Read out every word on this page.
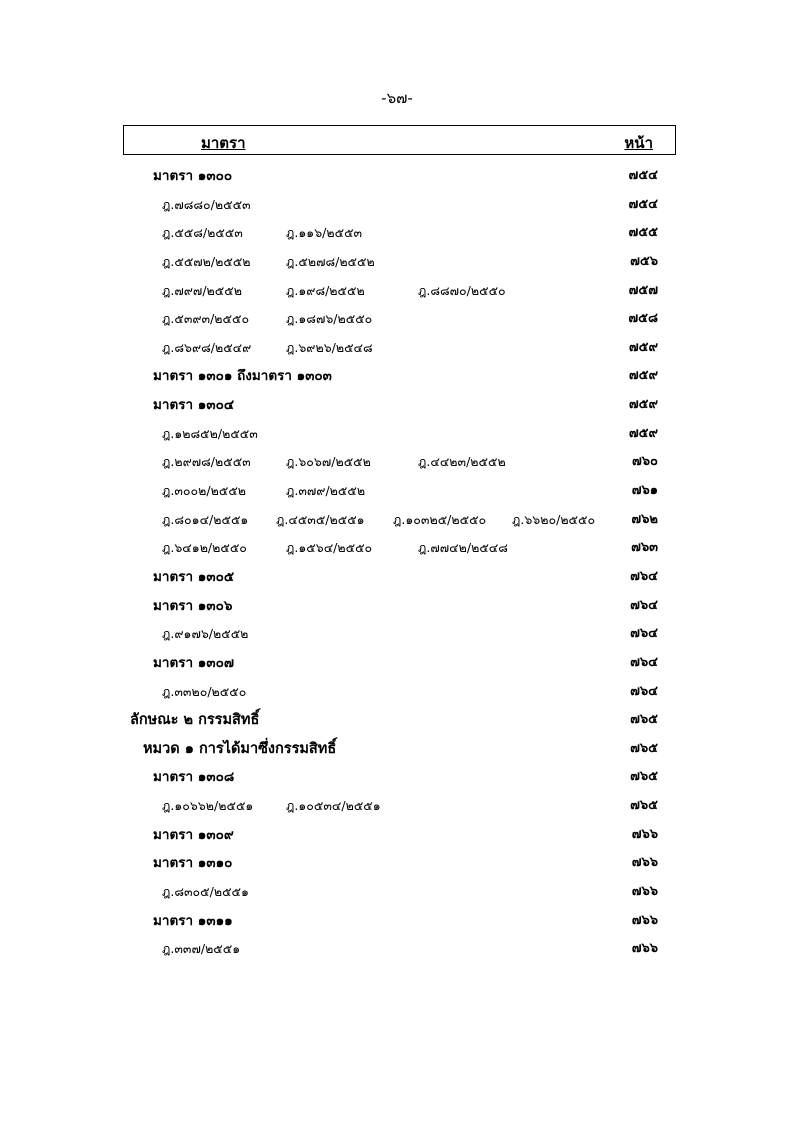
-๖๗-
มาตรา	หน้า
มาตรา ๑๓๐๐	๗๕๔
ฎ.๗๘๘๐/๒๕๕๓	๗๕๔
ฎ.๕๕๘/๒๕๕๓	ฎ.๑๑๖/๒๕๕๓	๗๕๕
ฎ.๕๕๗๒/๒๕๕๒	ฎ.๕๒๗๘/๒๕๕๒	๗๕๖
ฎ.๗๙๗/๒๕๕๒	ฎ.๑๙๘/๒๕๕๒	ฎ.๘๘๗๐/๒๕๕๐	๗๕๗
ฎ.๕๓๙๓/๒๕๕๐	ฎ.๑๘๗๖/๒๕๕๐	๗๕๘
ฎ.๘๖๙๘/๒๕๔๙	ฎ.๖๙๒๖/๒๕๔๘	๗๕๙
มาตรา ๑๓๐๑ ถึงมาตรา ๑๓๐๓	๗๕๙
มาตรา ๑๓๐๔	๗๕๙
ฎ.๑๒๘๕๒/๒๕๕๓	๗๕๙
ฎ.๒๙๗๘/๒๕๕๓	ฎ.๖๐๖๗/๒๕๕๒	ฎ.๔๔๒๓/๒๕๕๒	๗๖๐
ฎ.๓๐๐๒/๒๕๕๒	ฎ.๓๗๙/๒๕๕๒	๗๖๑
ฎ.๘๐๑๔/๒๕๕๑ ฎ.๔๕๓๕/๒๕๕๑ ฎ.๑๐๓๒๕/๒๕๕๐ ฎ.๖๖๒๐/๒๕๕๐	๗๖๒
ฎ.๖๔๑๒/๒๕๕๐	ฎ.๑๕๖๔/๒๕๕๐	ฎ.๗๗๔๒/๒๕๔๘	๗๖๓
มาตรา ๑๓๐๕	๗๖๔
มาตรา ๑๓๐๖	๗๖๔
ฎ.๙๑๗๖/๒๕๕๒	๗๖๔
มาตรา ๑๓๐๗	๗๖๔
ฎ.๓๓๒๐/๒๕๕๐	๗๖๔
ลักษณะ ๒ กรรมสิทธิ์	๗๖๕
หมวด ๑ การได้มาซึ่งกรรมสิทธิ์	๗๖๕
มาตรา ๑๓๐๘	๗๖๕
ฎ.๑๐๖๖๒/๒๕๕๑	ฎ.๑๐๕๓๔/๒๕๕๑	๗๖๕
มาตรา ๑๓๐๙	๗๖๖
มาตรา ๑๓๑๐	๗๖๖
ฎ.๘๓๐๕/๒๕๕๑	๗๖๖
มาตรา ๑๓๑๑	๗๖๖
ฎ.๓๓๗/๒๕๕๑	๗๖๖
